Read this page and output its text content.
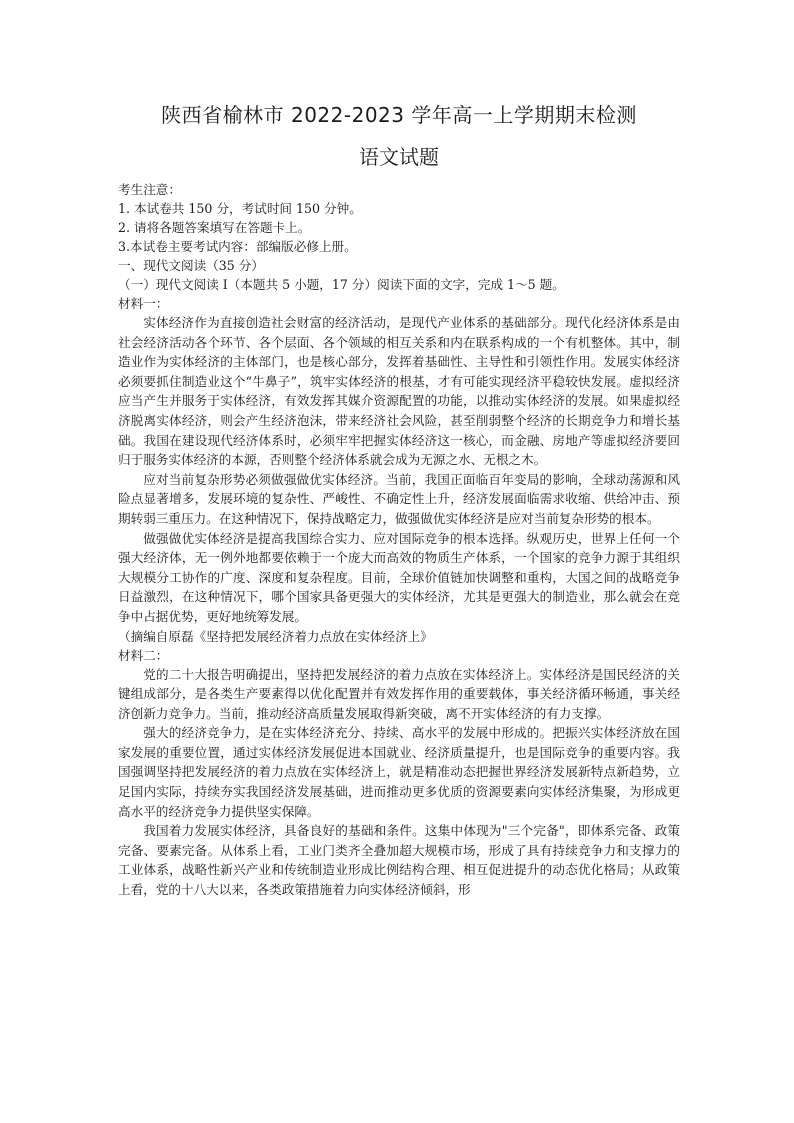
陕西省榆林市 2022-2023 学年高一上学期期末检测
语文试题
考生注意：
1. 本试卷共 150 分，考试时间 150 分钟。
2. 请将各题答案填写在答题卡上。
3.本试卷主要考试内容：部编版必修上册。
一、现代文阅读（35 分）
（一）现代文阅读 I（本题共 5 小题，17 分）阅读下面的文字，完成 1～5 题。
材料一：

实体经济作为直接创造社会财富的经济活动，是现代产业体系的基础部分。现代化经济体系是由社会经济活动各个环节、各个层面、各个领域的相互关系和内在联系构成的一个有机整体。其中，制造业作为实体经济的主体部门，也是核心部分，发挥着基础性、主导性和引领性作用。发展实体经济必须要抓住制造业这个“牛鼻子”，筑牢实体经济的根基，才有可能实现经济平稳较快发展。虚拟经济应当产生并服务于实体经济，有效发挥其媒介资源配置的功能，以推动实体经济的发展。如果虚拟经济脱离实体经济，则会产生经济泡沫，带来经济社会风险，甚至削弱整个经济的长期竞争力和增长基础。我国在建设现代经济体系时，必须牢牢把握实体经济这一核心，而金融、房地产等虚拟经济要回归于服务实体经济的本源，否则整个经济体系就会成为无源之水、无根之木。

应对当前复杂形势必须做强做优实体经济。当前，我国正面临百年变局的影响，全球动荡源和风险点显著增多，发展环境的复杂性、严峻性、不确定性上升，经济发展面临需求收缩、供给冲击、预期转弱三重压力。在这种情况下，保持战略定力，做强做优实体经济是应对当前复杂形势的根本。

做强做优实体经济是提高我国综合实力、应对国际竞争的根本选择。纵观历史，世界上任何一个强大经济体，无一例外地都要依赖于一个庞大而高效的物质生产体系，一个国家的竞争力源于其组织大规模分工协作的广度、深度和复杂程度。目前，全球价值链加快调整和重构，大国之间的战略竞争日益激烈，在这种情况下，哪个国家具备更强大的实体经济，尤其是更强大的制造业，那么就会在竞争中占据优势，更好地统筹发展。

（摘编自原磊《坚持把发展经济着力点放在实体经济上》
材料二：

党的二十大报告明确提出，坚持把发展经济的着力点放在实体经济上。实体经济是国民经济的关键组成部分，是各类生产要素得以优化配置并有效发挥作用的重要载体，事关经济循环畅通，事关经济创新力竞争力。当前，推动经济高质量发展取得新突破，离不开实体经济的有力支撑。

强大的经济竞争力，是在实体经济充分、持续、高水平的发展中形成的。把振兴实体经济放在国家发展的重要位置，通过实体经济发展促进本国就业、经济质量提升，也是国际竞争的重要内容。我国强调坚持把发展经济的着力点放在实体经济上，就是精准动态把握世界经济发展新特点新趋势，立足国内实际，持续夯实我国经济发展基础，进而推动更多优质的资源要素向实体经济集聚，为形成更高水平的经济竞争力提供坚实保障。

我国着力发展实体经济，具备良好的基础和条件。这集中体现为"三个完备"，即体系完备、政策完备、要素完备。从体系上看，工业门类齐全叠加超大规模市场，形成了具有持续竞争力和支撑力的工业体系，战略性新兴产业和传统制造业形成比例结构合理、相互促进提升的动态优化格局；从政策上看，党的十八大以来，各类政策措施着力向实体经济倾斜，形
